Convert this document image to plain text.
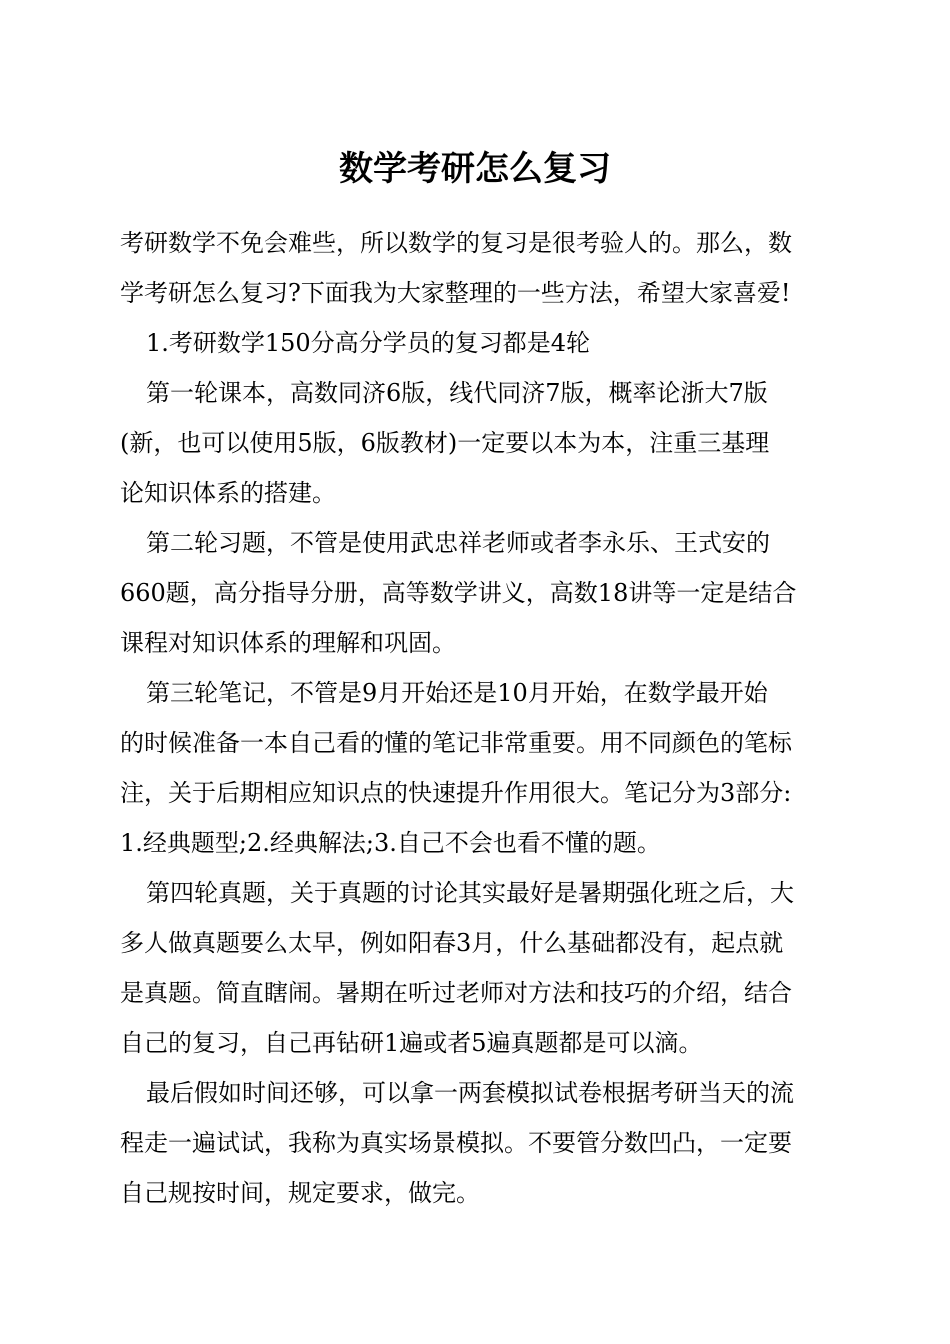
数学考研怎么复习
考研数学不免会难些，所以数学的复习是很考验人的。那么，数
学考研怎么复习?下面我为大家整理的一些方法，希望大家喜爱!
1.考研数学150分高分学员的复习都是4轮
第一轮课本，高数同济6版，线代同济7版，概率论浙大7版
(新，也可以使用5版，6版教材)一定要以本为本，注重三基理
论知识体系的搭建。
第二轮习题，不管是使用武忠祥老师或者李永乐、王式安的
660题，高分指导分册，高等数学讲义，高数18讲等一定是结合
课程对知识体系的理解和巩固。
第三轮笔记，不管是9月开始还是10月开始，在数学最开始
的时候准备一本自己看的懂的笔记非常重要。用不同颜色的笔标
注，关于后期相应知识点的快速提升作用很大。笔记分为3部分:
1.经典题型;2.经典解法;3.自己不会也看不懂的题。
第四轮真题，关于真题的讨论其实最好是暑期强化班之后，大
多人做真题要么太早，例如阳春3月，什么基础都没有，起点就
是真题。简直瞎闹。暑期在听过老师对方法和技巧的介绍，结合
自己的复习，自己再钻研1遍或者5遍真题都是可以滴。
最后假如时间还够，可以拿一两套模拟试卷根据考研当天的流
程走一遍试试，我称为真实场景模拟。不要管分数凹凸，一定要
自己规按时间，规定要求，做完。
